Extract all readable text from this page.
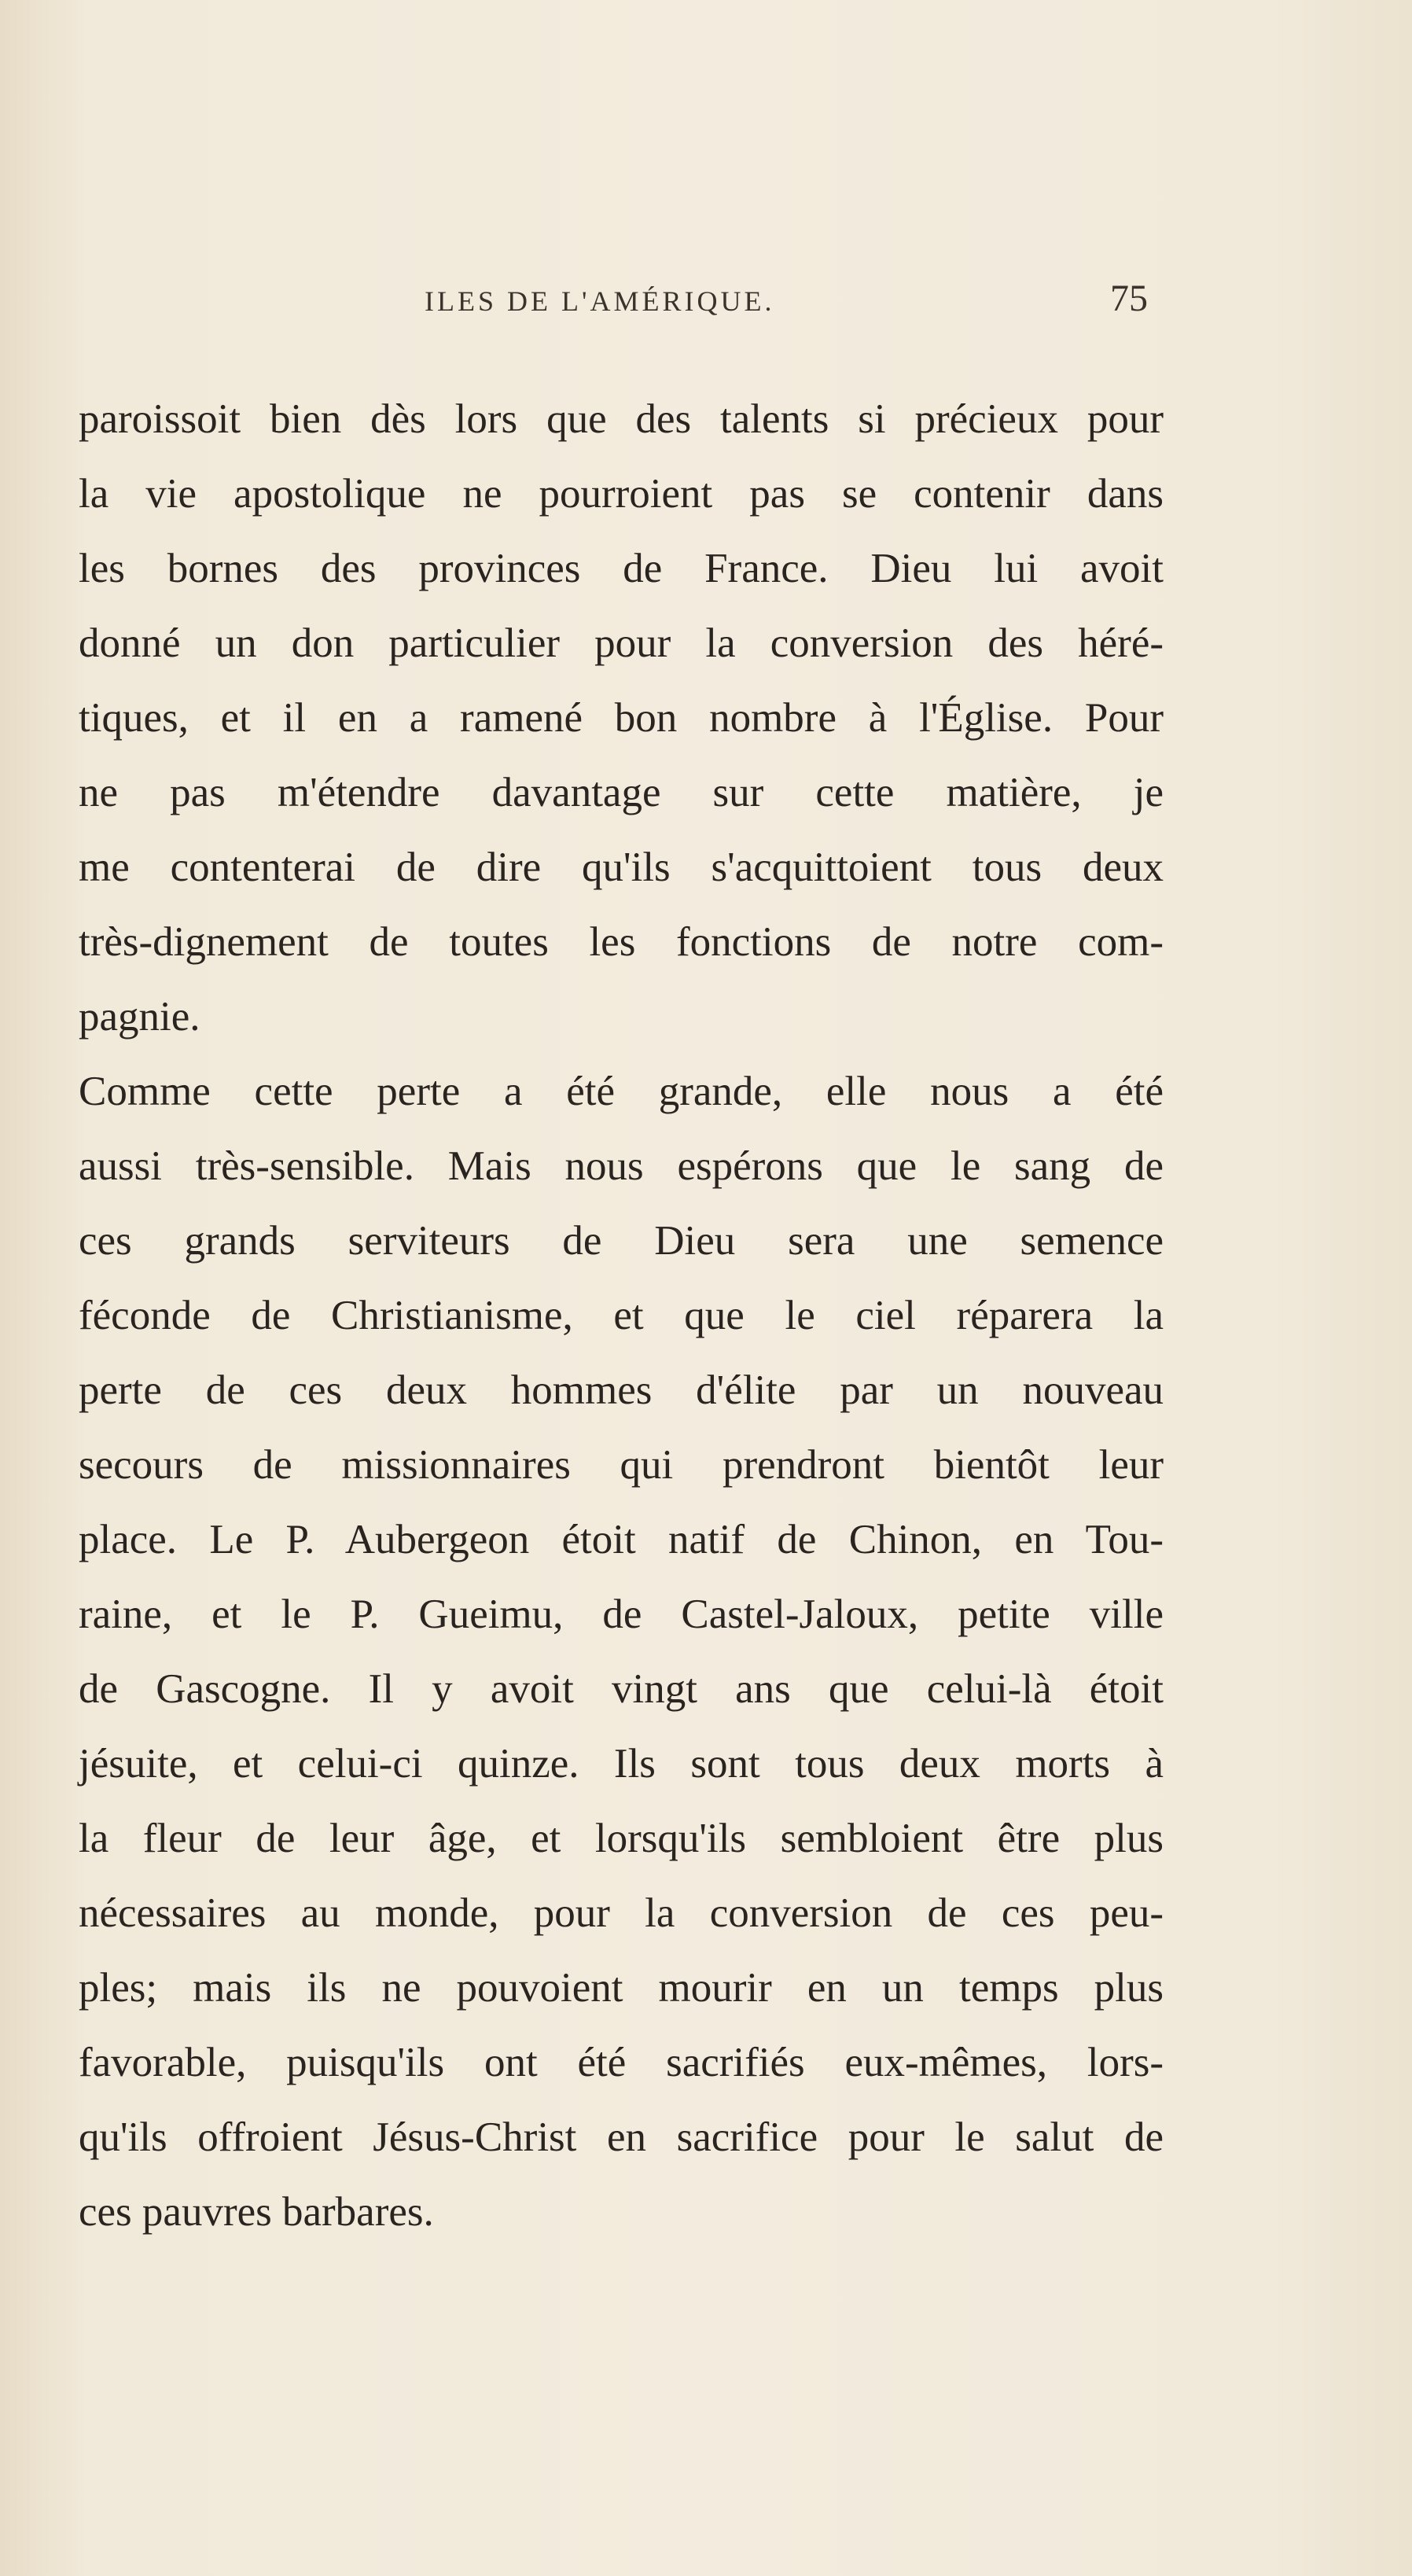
ILES DE L'AMÉRIQUE.	75
paroissoit bien dès lors que des talents si précieux pour
la vie apostolique ne pourroient pas se contenir dans
les bornes des provinces de France. Dieu lui avoit
donné un don particulier pour la conversion des héré-
tiques, et il en a ramené bon nombre à l'Église. Pour
ne pas m'étendre davantage sur cette matière, je
me contenterai de dire qu'ils s'acquittoient tous deux
très-dignement de toutes les fonctions de notre com-
pagnie.
Comme cette perte a été grande, elle nous a été
aussi très-sensible. Mais nous espérons que le sang de
ces grands serviteurs de Dieu sera une semence
féconde de Christianisme, et que le ciel réparera la
perte de ces deux hommes d'élite par un nouveau
secours de missionnaires qui prendront bientôt leur
place. Le P. Aubergeon étoit natif de Chinon, en Tou-
raine, et le P. Gueimu, de Castel-Jaloux, petite ville
de Gascogne. Il y avoit vingt ans que celui-là étoit
jésuite, et celui-ci quinze. Ils sont tous deux morts à
la fleur de leur âge, et lorsqu'ils sembloient être plus
nécessaires au monde, pour la conversion de ces peu-
ples; mais ils ne pouvoient mourir en un temps plus
favorable, puisqu'ils ont été sacrifiés eux-mêmes, lors-
qu'ils offroient Jésus-Christ en sacrifice pour le salut de
ces pauvres barbares.
